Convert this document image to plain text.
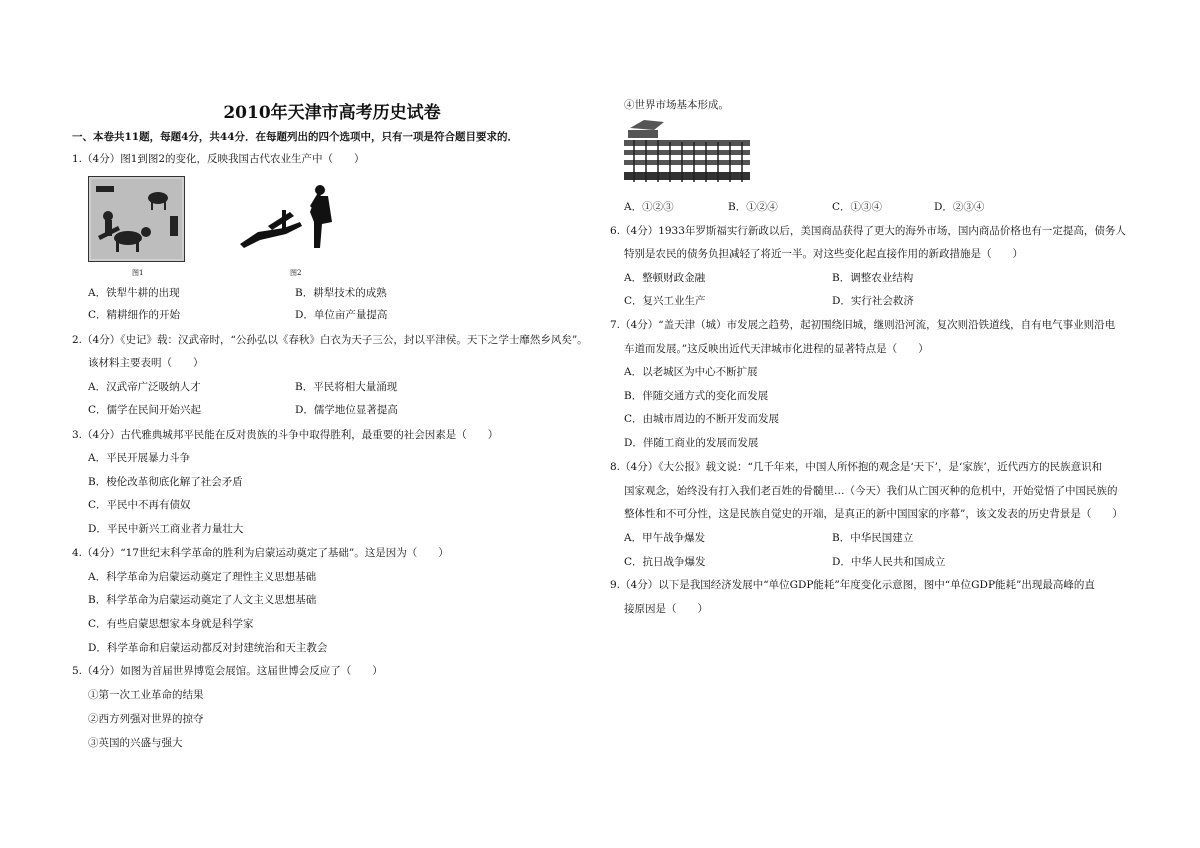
2010年天津市高考历史试卷
一、本卷共11题，每题4分，共44分．在每题列出的四个选项中，只有一项是符合题目要求的．
1.（4分）图1到图2的变化，反映我国古代农业生产中（　　）
图1	图2
A．铁犁牛耕的出现	B．耕犁技术的成熟
C．精耕细作的开始	D．单位亩产量提高
2.（4分）《史记》载：汉武帝时，“公孙弘以《春秋》白衣为天子三公，封以平津侯。天下之学士靡然乡风矣”。
该材料主要表明（　　）
A．汉武帝广泛吸纳人才	B．平民将相大量涌现
C．儒学在民间开始兴起	D．儒学地位显著提高
3.（4分）古代雅典城邦平民能在反对贵族的斗争中取得胜利，最重要的社会因素是（　　）
A．平民开展暴力斗争
B．梭伦改革彻底化解了社会矛盾
C．平民中不再有债奴
D．平民中新兴工商业者力量壮大
4.（4分）“17世纪末科学革命的胜利为启蒙运动奠定了基础”。这是因为（　　）
A．科学革命为启蒙运动奠定了理性主义思想基础
B．科学革命为启蒙运动奠定了人文主义思想基础
C．有些启蒙思想家本身就是科学家
D．科学革命和启蒙运动都反对封建统治和天主教会
5.（4分）如图为首届世界博览会展馆。这届世博会反应了（　　）
①第一次工业革命的结果
②西方列强对世界的掠夺
③英国的兴盛与强大
④世界市场基本形成。
A．①②③	B．①②④	C．①③④	D．②③④
6.（4分）1933年罗斯福实行新政以后，美国商品获得了更大的海外市场，国内商品价格也有一定提高，债务人
特别是农民的债务负担减轻了将近一半。对这些变化起直接作用的新政措施是（　　）
A．整顿财政金融	B．调整农业结构
C．复兴工业生产	D．实行社会救济
7.（4分）“盖天津（城）市发展之趋势，起初围绕旧城，继则沿河流，复次则沿铁道线，自有电气事业则沿电
车道而发展。”这反映出近代天津城市化进程的显著特点是（　　）
A．以老城区为中心不断扩展
B．伴随交通方式的变化而发展
C．由城市周边的不断开发而发展
D．伴随工商业的发展而发展
8.（4分）《大公报》载文说：“几千年来，中国人所怀抱的观念是‘天下’，是‘家族’，近代西方的民族意识和
国家观念，始终没有打入我们老百姓的骨髓里…（今天）我们从亡国灭种的危机中，开始觉悟了中国民族的
整体性和不可分性，这是民族自觉史的开端，是真正的新中国国家的序幕”，该文发表的历史背景是（　　）
A．甲午战争爆发	B．中华民国建立
C．抗日战争爆发	D．中华人民共和国成立
9.（4分）以下是我国经济发展中“单位GDP能耗”年度变化示意图，图中“单位GDP能耗”出现最高峰的直
接原因是（　　）
